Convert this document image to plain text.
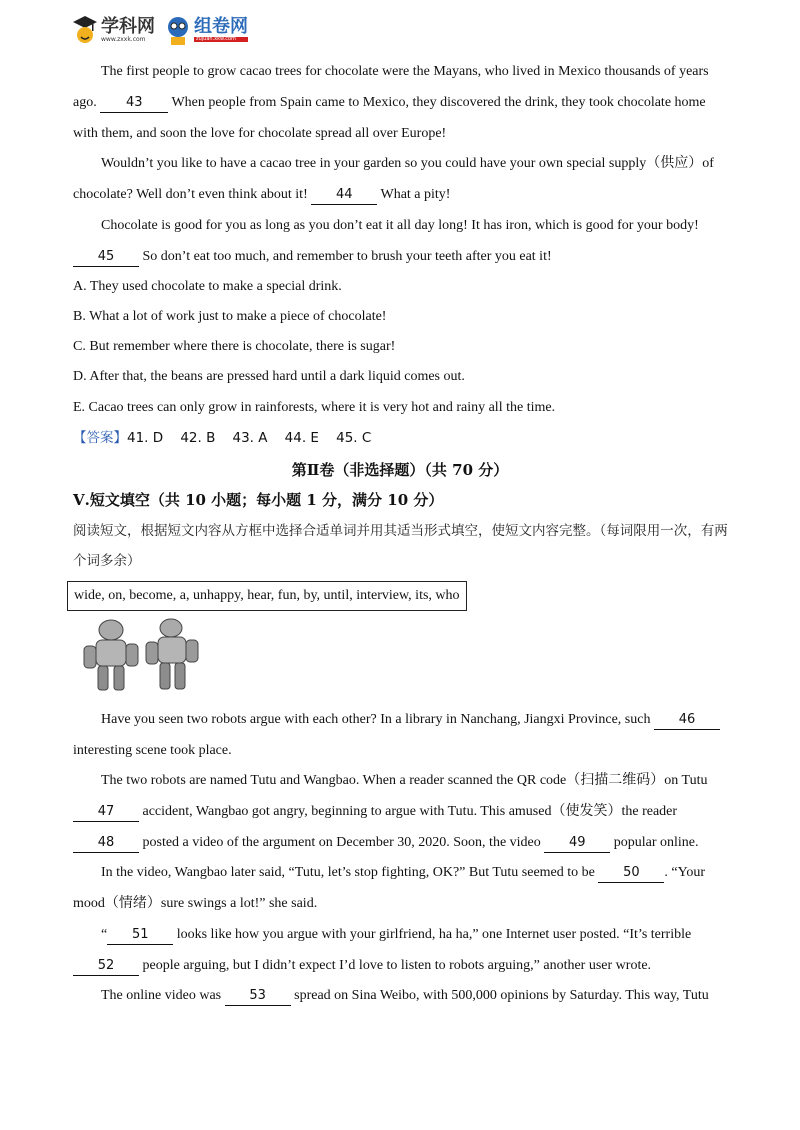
学科网
www.zxxk.com
组卷网
zujuan.xkw.com
The first people to grow cacao trees for chocolate were the Mayans, who lived in Mexico thousands of years
ago. 43 When people from Spain came to Mexico, they discovered the drink, they took chocolate home
with them, and soon the love for chocolate spread all over Europe!
Wouldn’t you like to have a cacao tree in your garden so you could have your own special supply（供应）of
chocolate? Well don’t even think about it! 44 What a pity!
Chocolate is good for you as long as you don’t eat it all day long! It has iron, which is good for your body!
45 So don’t eat too much, and remember to brush your teeth after you eat it!
A. They used chocolate to make a special drink.
B. What a lot of work just to make a piece of chocolate!
C. But remember where there is chocolate, there is sugar!
D. After that, the beans are pressed hard until a dark liquid comes out.
E. Cacao trees can only grow in rainforests, where it is very hot and rainy all the time.
【答案】41. D    42. B    43. A    44. E    45. C
第Ⅱ卷（非选择题）（共 70 分）
Ⅴ.短文填空（共 10 小题；每小题 1 分，满分 10 分）
阅读短文，根据短文内容从方框中选择合适单词并用其适当形式填空，使短文内容完整。（每词限用一次，有两个词多余）
wide, on, become, a, unhappy, hear, fun, by, until, interview, its, who
Have you seen two robots argue with each other? In a library in Nanchang, Jiangxi Province, such 46
interesting scene took place.
The two robots are named Tutu and Wangbao. When a reader scanned the QR code（扫描二维码）on Tutu
47 accident, Wangbao got angry, beginning to argue with Tutu. This amused（使发笑）the reader
48 posted a video of the argument on December 30, 2020. Soon, the video 49 popular online.
In the video, Wangbao later said, “Tutu, let’s stop fighting, OK?” But Tutu seemed to be 50 . “Your
mood（情绪）sure swings a lot!” she said.
“ 51 looks like how you argue with your girlfriend, ha ha,” one Internet user posted. “It’s terrible
52 people arguing, but I didn’t expect I’d love to listen to robots arguing,” another user wrote.
The online video was 53 spread on Sina Weibo, with 500,000 opinions by Saturday. This way, Tutu
